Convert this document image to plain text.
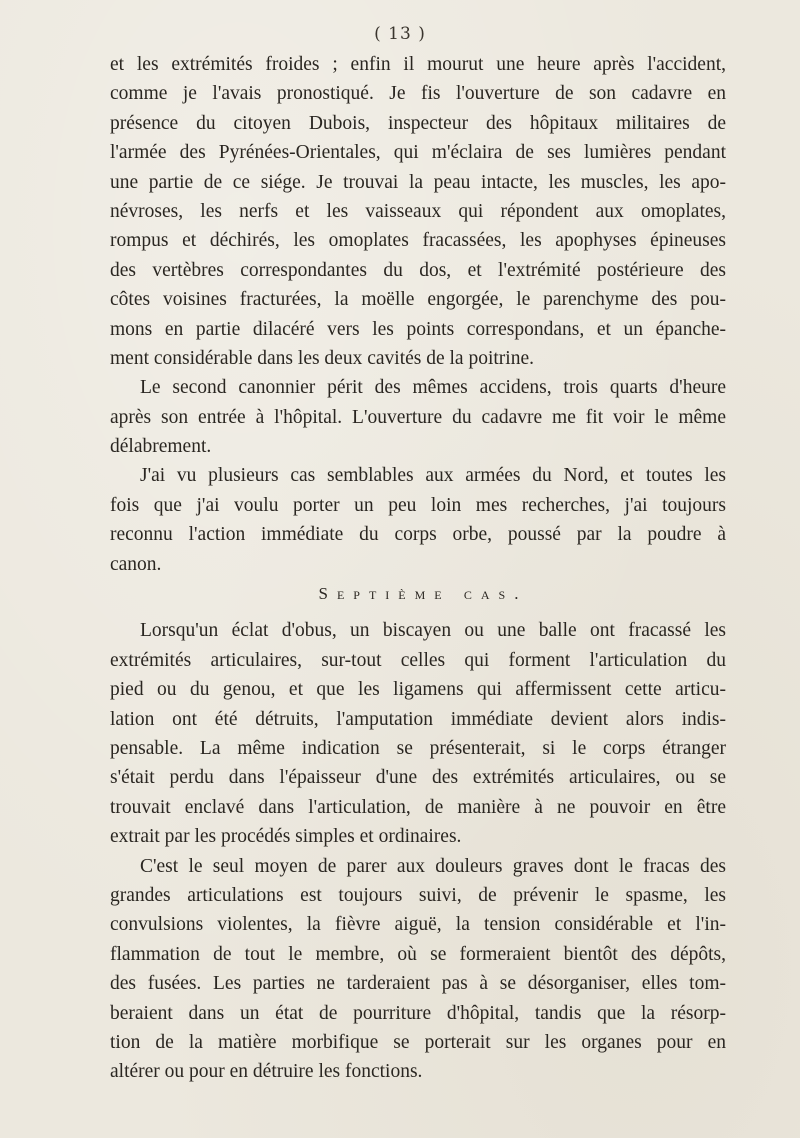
( 13 )
et les extrémités froides ; enfin il mourut une heure après l'accident,
comme je l'avais pronostiqué. Je fis l'ouverture de son cadavre en
présence du citoyen Dubois, inspecteur des hôpitaux militaires de
l'armée des Pyrénées-Orientales, qui m'éclaira de ses lumières pendant
une partie de ce siége. Je trouvai la peau intacte, les muscles, les apo-
névroses, les nerfs et les vaisseaux qui répondent aux omoplates,
rompus et déchirés, les omoplates fracassées, les apophyses épineuses
des vertèbres correspondantes du dos, et l'extrémité postérieure des
côtes voisines fracturées, la moëlle engorgée, le parenchyme des pou-
mons en partie dilacéré vers les points correspondans, et un épanche-
ment considérable dans les deux cavités de la poitrine.
Le second canonnier périt des mêmes accidens, trois quarts d'heure
après son entrée à l'hôpital. L'ouverture du cadavre me fit voir le même
délabrement.
J'ai vu plusieurs cas semblables aux armées du Nord, et toutes les
fois que j'ai voulu porter un peu loin mes recherches, j'ai toujours
reconnu l'action immédiate du corps orbe, poussé par la poudre à
canon.
Septième cas.
Lorsqu'un éclat d'obus, un biscayen ou une balle ont fracassé les
extrémités articulaires, sur-tout celles qui forment l'articulation du
pied ou du genou, et que les ligamens qui affermissent cette articu-
lation ont été détruits, l'amputation immédiate devient alors indis-
pensable. La même indication se présenterait, si le corps étranger
s'était perdu dans l'épaisseur d'une des extrémités articulaires, ou se
trouvait enclavé dans l'articulation, de manière à ne pouvoir en être
extrait par les procédés simples et ordinaires.
C'est le seul moyen de parer aux douleurs graves dont le fracas des
grandes articulations est toujours suivi, de prévenir le spasme, les
convulsions violentes, la fièvre aiguë, la tension considérable et l'in-
flammation de tout le membre, où se formeraient bientôt des dépôts,
des fusées. Les parties ne tarderaient pas à se désorganiser, elles tom-
beraient dans un état de pourriture d'hôpital, tandis que la résorp-
tion de la matière morbifique se porterait sur les organes pour en
altérer ou pour en détruire les fonctions.
